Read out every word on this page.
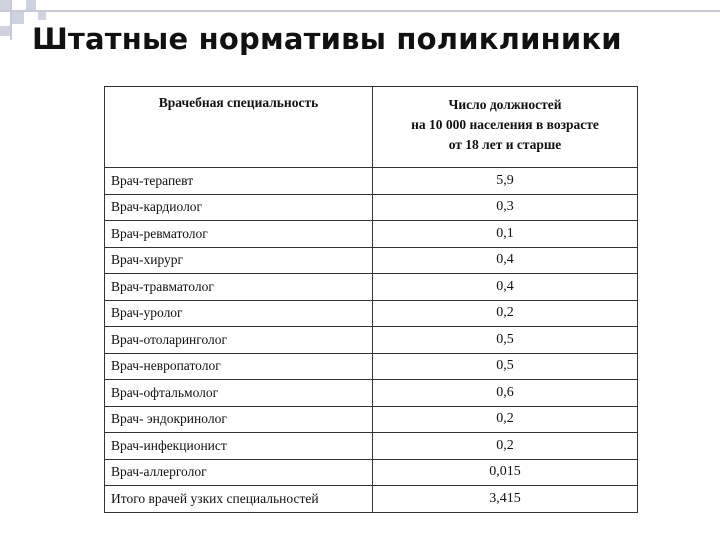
Штатные нормативы поликлиники
Врачебная специальность	Число должностей
на 10 000 населения в возрасте
от 18 лет и старше
Врач-терапевт	5,9
Врач-кардиолог	0,3
Врач-ревматолог	0,1
Врач-хирург	0,4
Врач-травматолог	0,4
Врач-уролог	0,2
Врач-отоларинголог	0,5
Врач-невропатолог	0,5
Врач-офтальмолог	0,6
Врач- эндокринолог	0,2
Врач-инфекционист	0,2
Врач-аллерголог	0,015
Итого врачей узких специальностей	3,415
